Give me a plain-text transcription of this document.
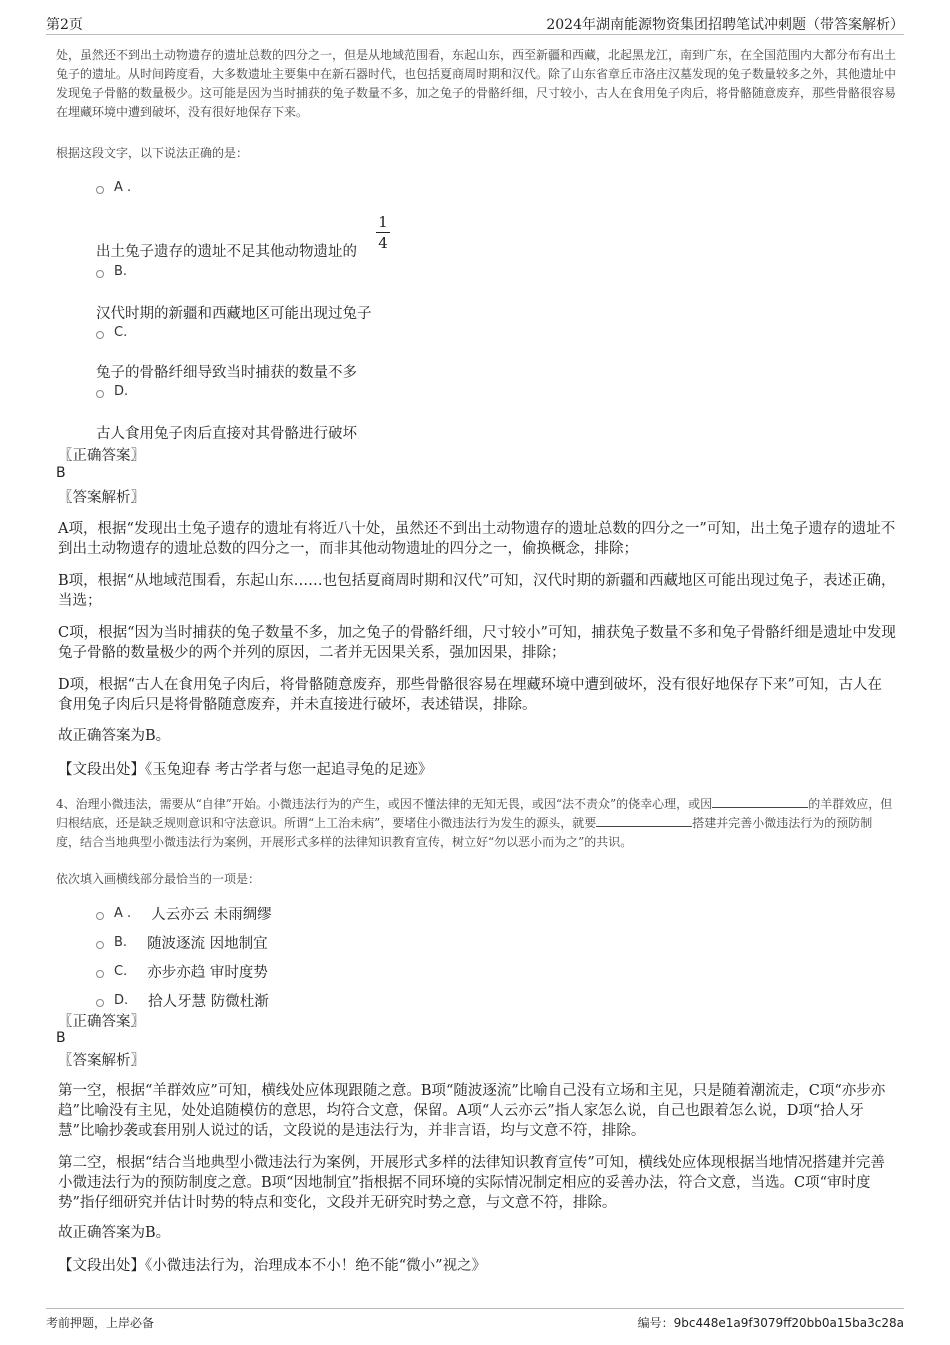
第2页	2024年湖南能源物资集团招聘笔试冲刺题（带答案解析）
处，虽然还不到出土动物遗存的遗址总数的四分之一，但是从地域范围看，东起山东，西至新疆和西藏，北起黑龙江，南到广东，在全国范围内大都分布有出土兔子的遗址。从时间跨度看，大多数遗址主要集中在新石器时代，也包括夏商周时期和汉代。除了山东省章丘市洛庄汉墓发现的兔子数量较多之外，其他遗址中发现兔子骨骼的数量极少。这可能是因为当时捕获的兔子数量不多，加之兔子的骨骼纤细，尺寸较小，古人在食用兔子肉后，将骨骼随意废弃，那些骨骼很容易在埋藏环境中遭到破坏，没有很好地保存下来。
根据这段文字，以下说法正确的是：
A .
出土兔子遗存的遗址不足其他动物遗址的
1
4
B.
汉代时期的新疆和西藏地区可能出现过兔子
C.
兔子的骨骼纤细导致当时捕获的数量不多
D.
古人食用兔子肉后直接对其骨骼进行破坏
〖正确答案〗
B
〖答案解析〗
A项，根据“发现出土兔子遗存的遗址有将近八十处，虽然还不到出土动物遗存的遗址总数的四分之一”可知，出土兔子遗存的遗址不到出土动物遗存的遗址总数的四分之一，而非其他动物遗址的四分之一，偷换概念，排除；
B项，根据“从地域范围看，东起山东……也包括夏商周时期和汉代”可知，汉代时期的新疆和西藏地区可能出现过兔子，表述正确，当选；
C项，根据“因为当时捕获的兔子数量不多，加之兔子的骨骼纤细，尺寸较小”可知，捕获兔子数量不多和兔子骨骼纤细是遗址中发现兔子骨骼的数量极少的两个并列的原因，二者并无因果关系，强加因果，排除；
D项，根据“古人在食用兔子肉后，将骨骼随意废弃，那些骨骼很容易在埋藏环境中遭到破坏，没有很好地保存下来”可知，古人在食用兔子肉后只是将骨骼随意废弃，并未直接进行破坏，表述错误，排除。
故正确答案为B。
【文段出处】《玉兔迎春 考古学者与您一起追寻兔的足迹》
4、治理小微违法，需要从“自律”开始。小微违法行为的产生，或因不懂法律的无知无畏，或因“法不责众”的侥幸心理，或因	的羊群效应，但归根结底，还是缺乏规则意识和守法意识。所谓“上工治未病”，要堵住小微违法行为发生的源头，就要	搭建并完善小微违法行为的预防制度，结合当地典型小微违法行为案例，开展形式多样的法律知识教育宣传，树立好“勿以恶小而为之”的共识。
依次填入画横线部分最恰当的一项是：
A . 人云亦云 未雨绸缪
B. 随波逐流 因地制宜
C. 亦步亦趋 审时度势
D. 拾人牙慧 防微杜渐
〖正确答案〗
B
〖答案解析〗
第一空，根据“羊群效应”可知，横线处应体现跟随之意。B项“随波逐流”比喻自己没有立场和主见，只是随着潮流走，C项“亦步亦趋”比喻没有主见，处处追随模仿的意思，均符合文意，保留。A项“人云亦云”指人家怎么说，自己也跟着怎么说，D项“拾人牙慧”比喻抄袭或套用别人说过的话，文段说的是违法行为，并非言语，均与文意不符，排除。
第二空，根据“结合当地典型小微违法行为案例，开展形式多样的法律知识教育宣传”可知，横线处应体现根据当地情况搭建并完善小微违法行为的预防制度之意。B项“因地制宜”指根据不同环境的实际情况制定相应的妥善办法，符合文意，当选。C项“审时度势”指仔细研究并估计时势的特点和变化，文段并无研究时势之意，与文意不符，排除。
故正确答案为B。
【文段出处】《小微违法行为，治理成本不小！绝不能“微小”视之》
考前押题，上岸必备	编号：9bc448e1a9f3079ff20bb0a15ba3c28a
